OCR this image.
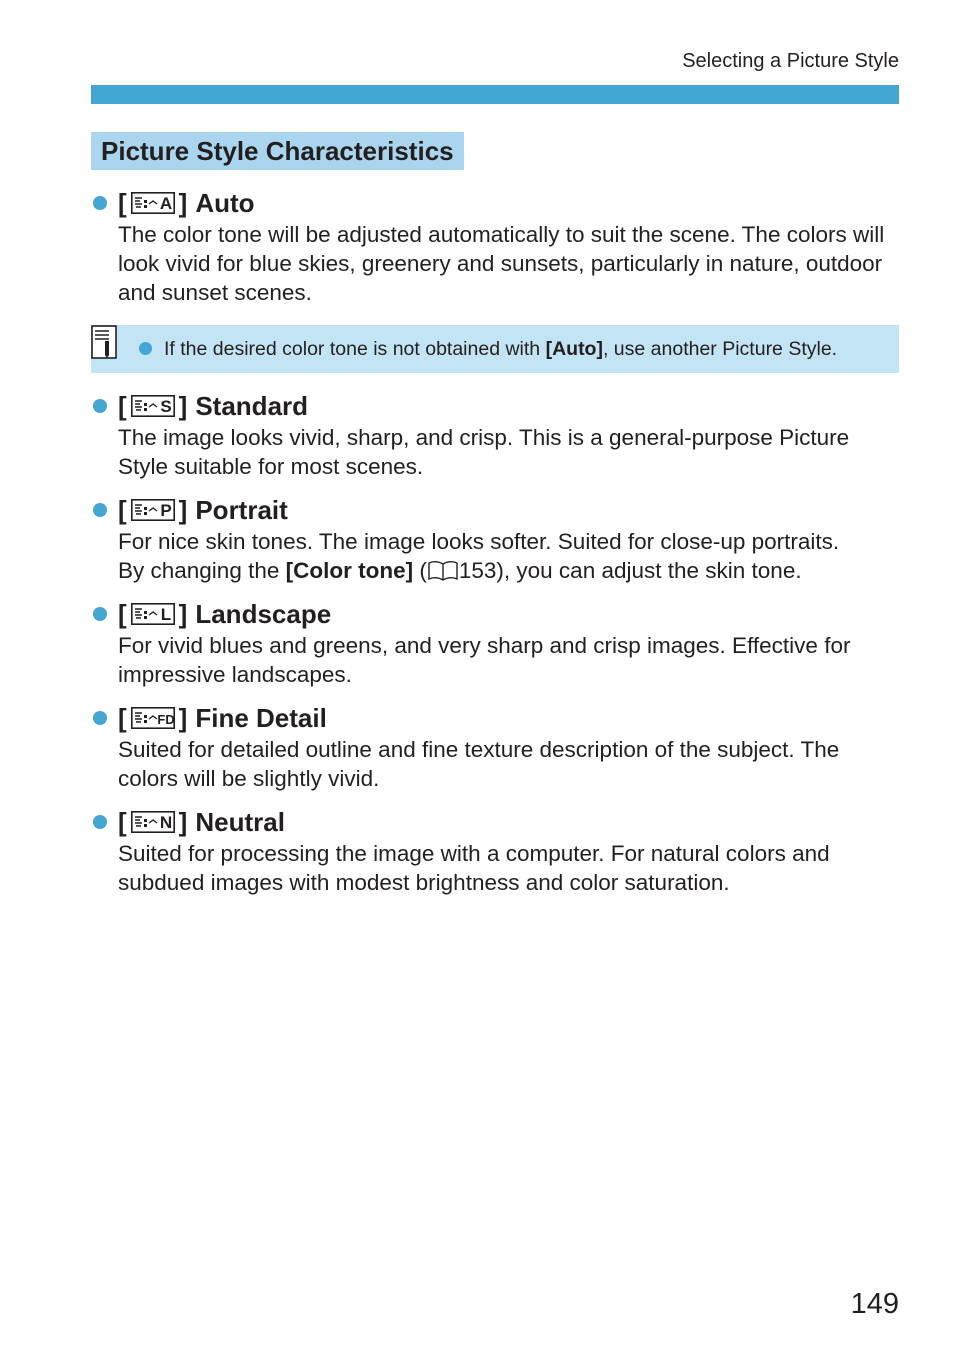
Selecting a Picture Style
Picture Style Characteristics
[ A ] Auto

The color tone will be adjusted automatically to suit the scene. The colors will look vivid for blue skies, greenery and sunsets, particularly in nature, outdoor and sunset scenes.

If the desired color tone is not obtained with [Auto], use another Picture Style.
[ S ] Standard

The image looks vivid, sharp, and crisp. This is a general-purpose Picture Style suitable for most scenes.

[ P ] Portrait

For nice skin tones. The image looks softer. Suited for close-up portraits.
By changing the [Color tone] ( 153), you can adjust the skin tone.

[ L ] Landscape

For vivid blues and greens, and very sharp and crisp images. Effective for impressive landscapes.

[ FD ] Fine Detail

Suited for detailed outline and fine texture description of the subject. The colors will be slightly vivid.

[ N ] Neutral

Suited for processing the image with a computer. For natural colors and subdued images with modest brightness and color saturation.

149
